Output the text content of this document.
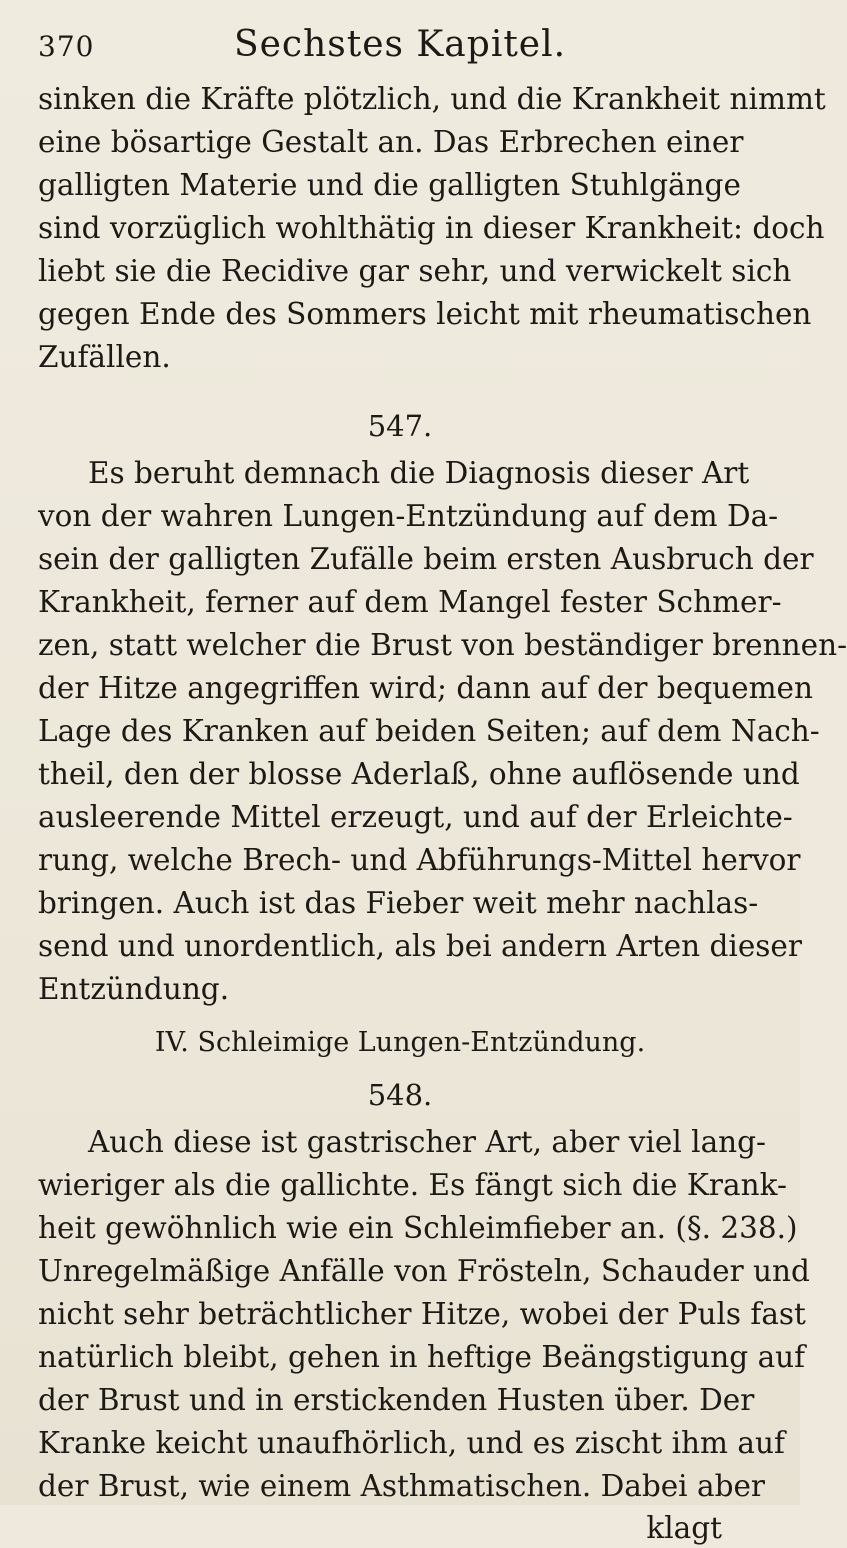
370	Sechstes Kapitel.
sinken die Kräfte plötzlich, und die Krankheit nimmt
eine bösartige Gestalt an. Das Erbrechen einer
galligten Materie und die galligten Stuhlgänge
sind vorzüglich wohlthätig in dieser Krankheit: doch
liebt sie die Recidive gar sehr, und verwickelt sich
gegen Ende des Sommers leicht mit rheumatischen
Zufällen.
547.
Es beruht demnach die Diagnosis dieser Art
von der wahren Lungen-Entzündung auf dem Da-
sein der galligten Zufälle beim ersten Ausbruch der
Krankheit, ferner auf dem Mangel fester Schmer-
zen, statt welcher die Brust von beständiger brennen-
der Hitze angegriffen wird; dann auf der bequemen
Lage des Kranken auf beiden Seiten; auf dem Nach-
theil, den der blosse Aderlaß, ohne auflösende und
ausleerende Mittel erzeugt, und auf der Erleichte-
rung, welche Brech- und Abführungs-Mittel hervor
bringen. Auch ist das Fieber weit mehr nachlas-
send und unordentlich, als bei andern Arten dieser
Entzündung.
IV. Schleimige Lungen-Entzündung.
548.
Auch diese ist gastrischer Art, aber viel lang-
wieriger als die gallichte. Es fängt sich die Krank-
heit gewöhnlich wie ein Schleimfieber an. (§. 238.)
Unregelmäßige Anfälle von Frösteln, Schauder und
nicht sehr beträchtlicher Hitze, wobei der Puls fast
natürlich bleibt, gehen in heftige Beängstigung auf
der Brust und in erstickenden Husten über. Der
Kranke keicht unaufhörlich, und es zischt ihm auf
der Brust, wie einem Asthmatischen. Dabei aber
klagt
